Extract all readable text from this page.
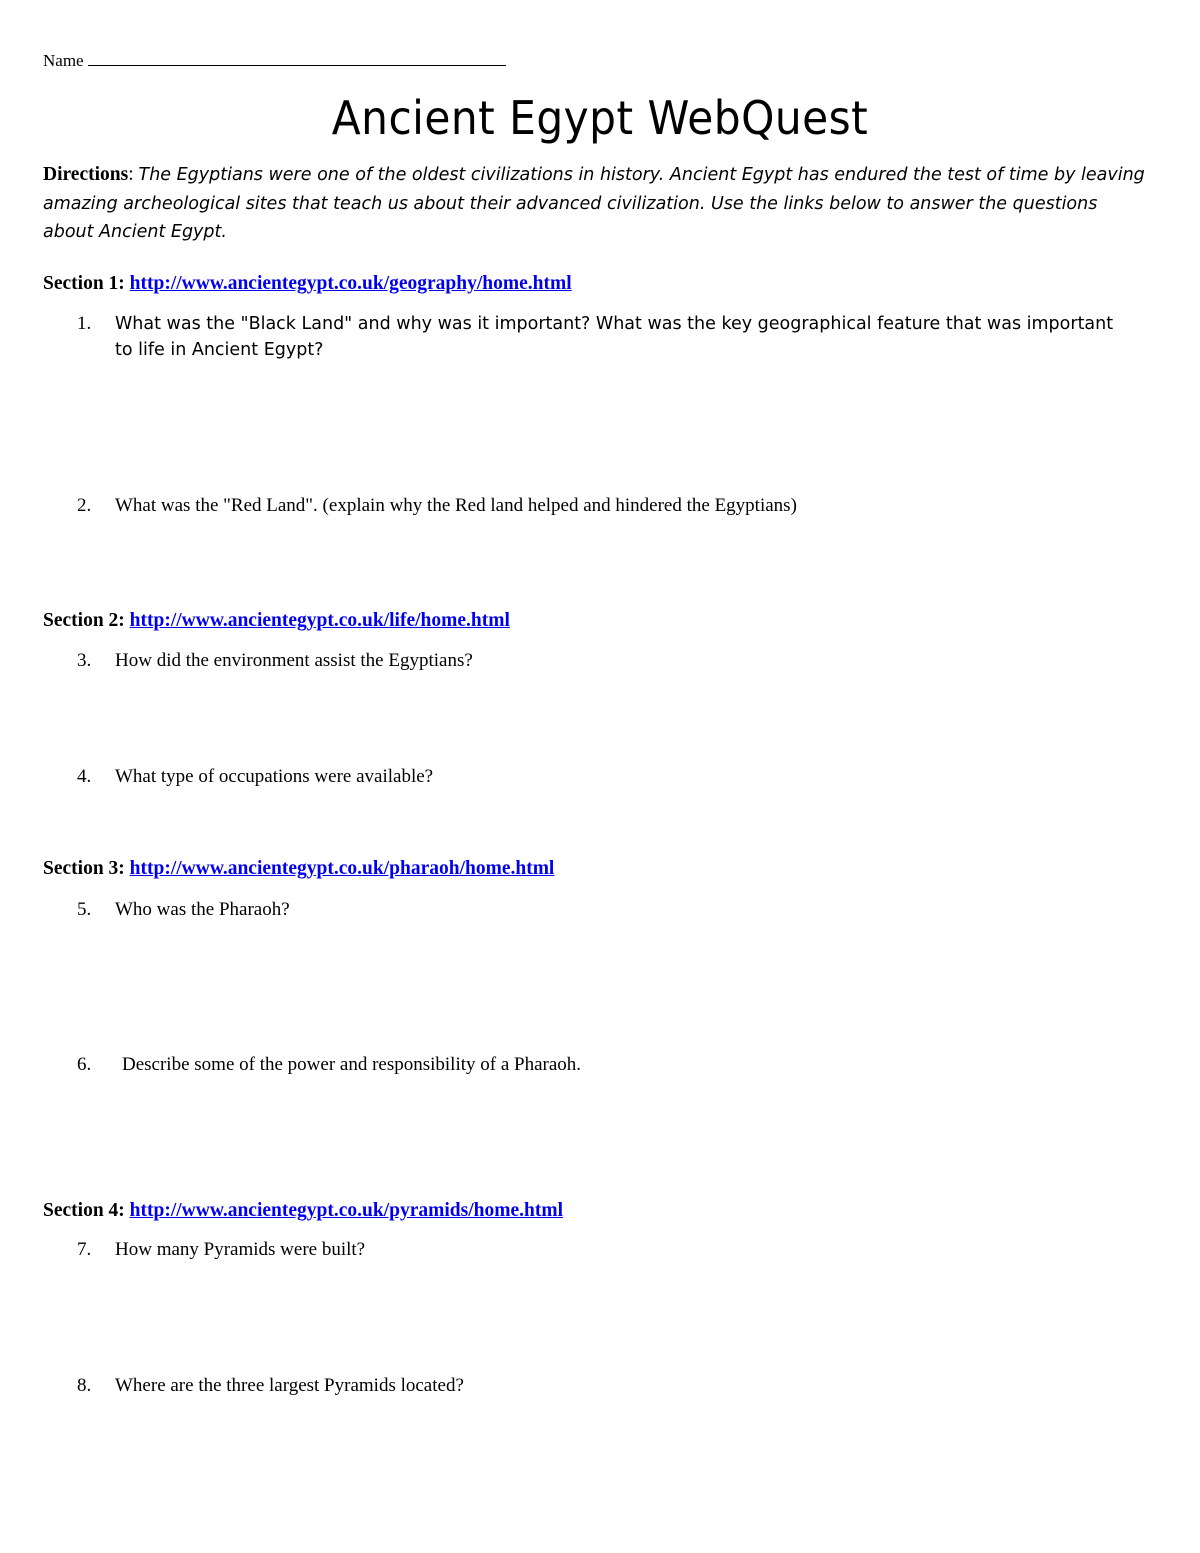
Name
Ancient Egypt WebQuest
Directions: The Egyptians were one of the oldest civilizations in history. Ancient Egypt has endured the test of time by leaving amazing archeological sites that teach us about their advanced civilization. Use the links below to answer the questions about Ancient Egypt.
Section 1: http://www.ancientegypt.co.uk/geography/home.html
1. What was the "Black Land" and why was it important? What was the key geographical feature that was important to life in Ancient Egypt?
2. What was the "Red Land". (explain why the Red land helped and hindered the Egyptians)
Section 2: http://www.ancientegypt.co.uk/life/home.html
3. How did the environment assist the Egyptians?
4. What type of occupations were available?
Section 3: http://www.ancientegypt.co.uk/pharaoh/home.html
5. Who was the Pharaoh?
6. Describe some of the power and responsibility of a Pharaoh.
Section 4: http://www.ancientegypt.co.uk/pyramids/home.html
7. How many Pyramids were built?
8. Where are the three largest Pyramids located?
